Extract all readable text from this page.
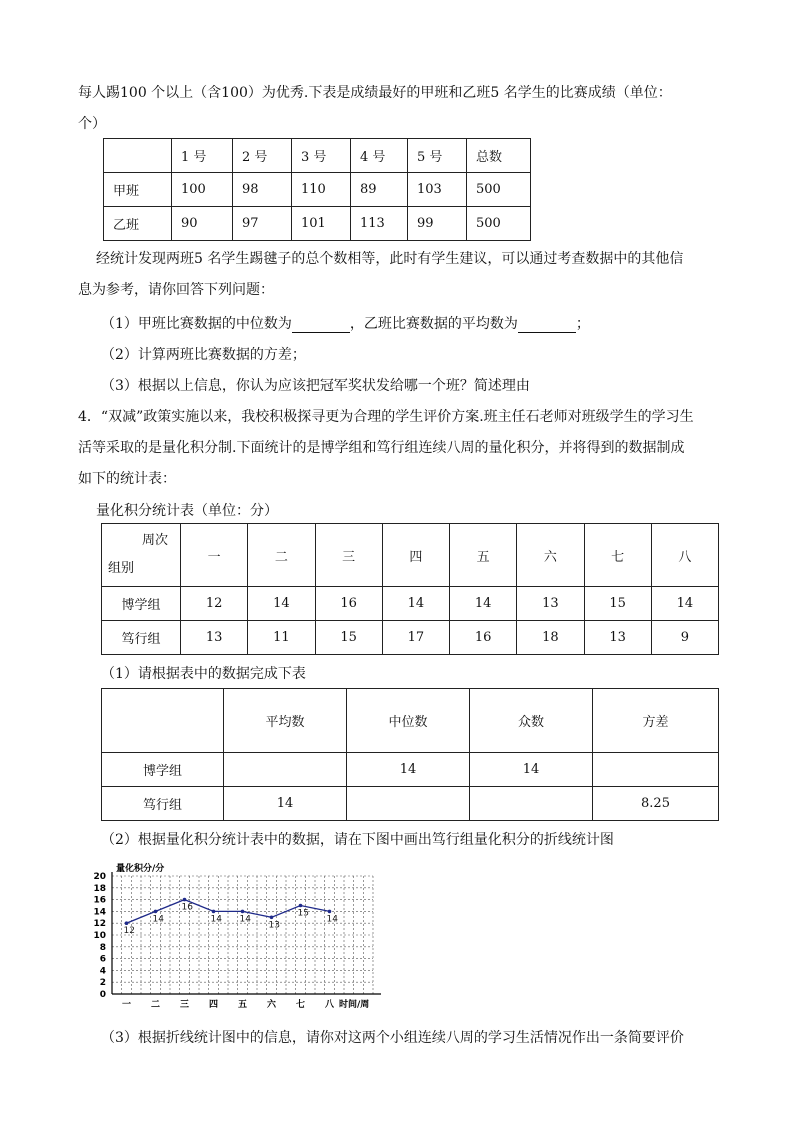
每人踢100 个以上（含100）为优秀.下表是成绩最好的甲班和乙班5 名学生的比赛成绩（单位：
个）
	1 号	2 号	3 号	4 号	5 号	总数
甲班	100	98	110	89	103	500
乙班	90	97	101	113	99	500
经统计发现两班5 名学生踢毽子的总个数相等，此时有学生建议，可以通过考查数据中的其他信
息为参考，请你回答下列问题：
（1）甲班比赛数据的中位数为	，乙班比赛数据的平均数为	；
（2）计算两班比赛数据的方差；
（3）根据以上信息，你认为应该把冠军奖状发给哪一个班？简述理由
4．“双减”政策实施以来，我校积极探寻更为合理的学生评价方案.班主任石老师对班级学生的学习生
活等采取的是量化积分制.下面统计的是博学组和笃行组连续八周的量化积分，并将得到的数据制成
如下的统计表：
量化积分统计表（单位：分）
周次
组别	一	二	三	四	五	六	七	八
博学组	12	14	16	14	14	13	15	14
笃行组	13	11	15	17	16	18	13	9
（1）请根据表中的数据完成下表
	平均数	中位数	众数	方差
博学组		14	14	
笃行组	14			8.25
（2）根据量化积分统计表中的数据，请在下图中画出笃行组量化积分的折线统计图
0
2
4
6
8
10
12
14
16
18
20
量化积分/分
一 二 三 四 五 六 七 八 时间/周
12
14
16
14 14
13
15
14
（3）根据折线统计图中的信息，请你对这两个小组连续八周的学习生活情况作出一条简要评价
